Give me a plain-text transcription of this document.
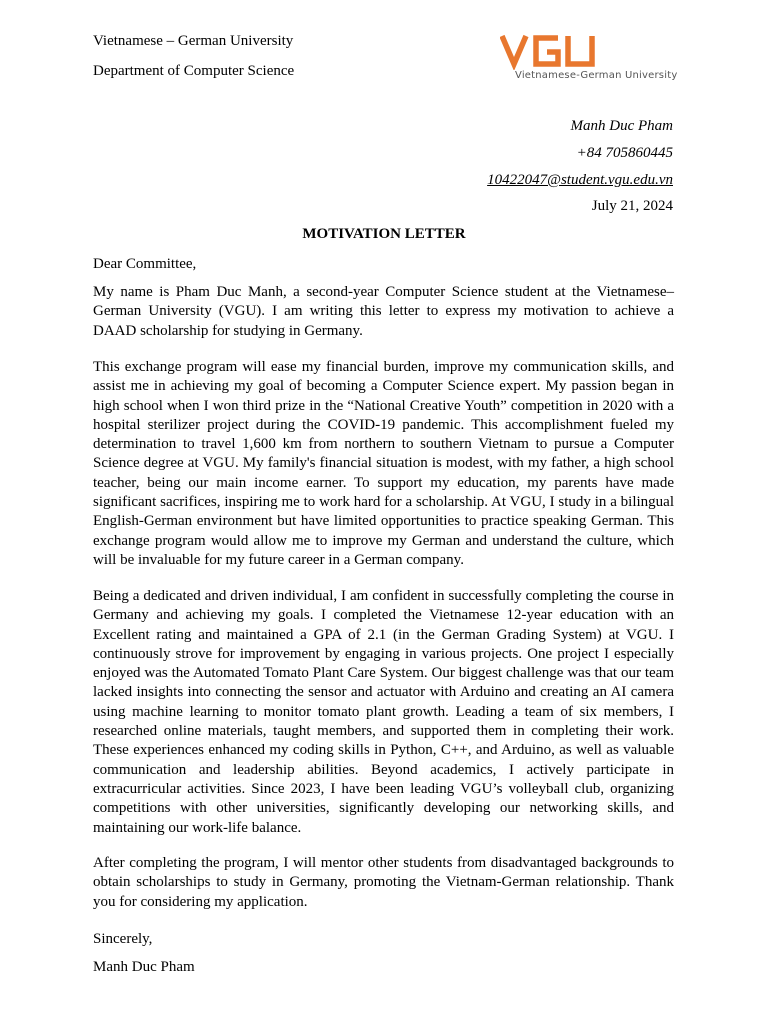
Vietnamese – German University
Department of Computer Science	Vietnamese-German University
Manh Duc Pham
+84 705860445
10422047@student.vgu.edu.vn
July 21, 2024
MOTIVATION LETTER
Dear Committee,

My name is Pham Duc Manh, a second-year Computer Science student at the Vietnamese–German University (VGU). I am writing this letter to express my motivation to achieve a DAAD scholarship for studying in Germany.

This exchange program will ease my financial burden, improve my communication skills, and assist me in achieving my goal of becoming a Computer Science expert. My passion began in high school when I won third prize in the “National Creative Youth” competition in 2020 with a hospital sterilizer project during the COVID-19 pandemic. This accomplishment fueled my determination to travel 1,600 km from northern to southern Vietnam to pursue a Computer Science degree at VGU. My family's financial situation is modest, with my father, a high school teacher, being our main income earner. To support my education, my parents have made significant sacrifices, inspiring me to work hard for a scholarship. At VGU, I study in a bilingual English-German environment but have limited opportunities to practice speaking German. This exchange program would allow me to improve my German and understand the culture, which will be invaluable for my future career in a German company.

Being a dedicated and driven individual, I am confident in successfully completing the course in Germany and achieving my goals. I completed the Vietnamese 12-year education with an Excellent rating and maintained a GPA of 2.1 (in the German Grading System) at VGU. I continuously strove for improvement by engaging in various projects. One project I especially enjoyed was the Automated Tomato Plant Care System. Our biggest challenge was that our team lacked insights into connecting the sensor and actuator with Arduino and creating an AI camera using machine learning to monitor tomato plant growth. Leading a team of six members, I researched online materials, taught members, and supported them in completing their work. These experiences enhanced my coding skills in Python, C++, and Arduino, as well as valuable communication and leadership abilities. Beyond academics, I actively participate in extracurricular activities. Since 2023, I have been leading VGU’s volleyball club, organizing competitions with other universities, significantly developing our networking skills, and maintaining our work-life balance.

After completing the program, I will mentor other students from disadvantaged backgrounds to obtain scholarships to study in Germany, promoting the Vietnam-German relationship. Thank you for considering my application.

Sincerely,
Manh Duc Pham
